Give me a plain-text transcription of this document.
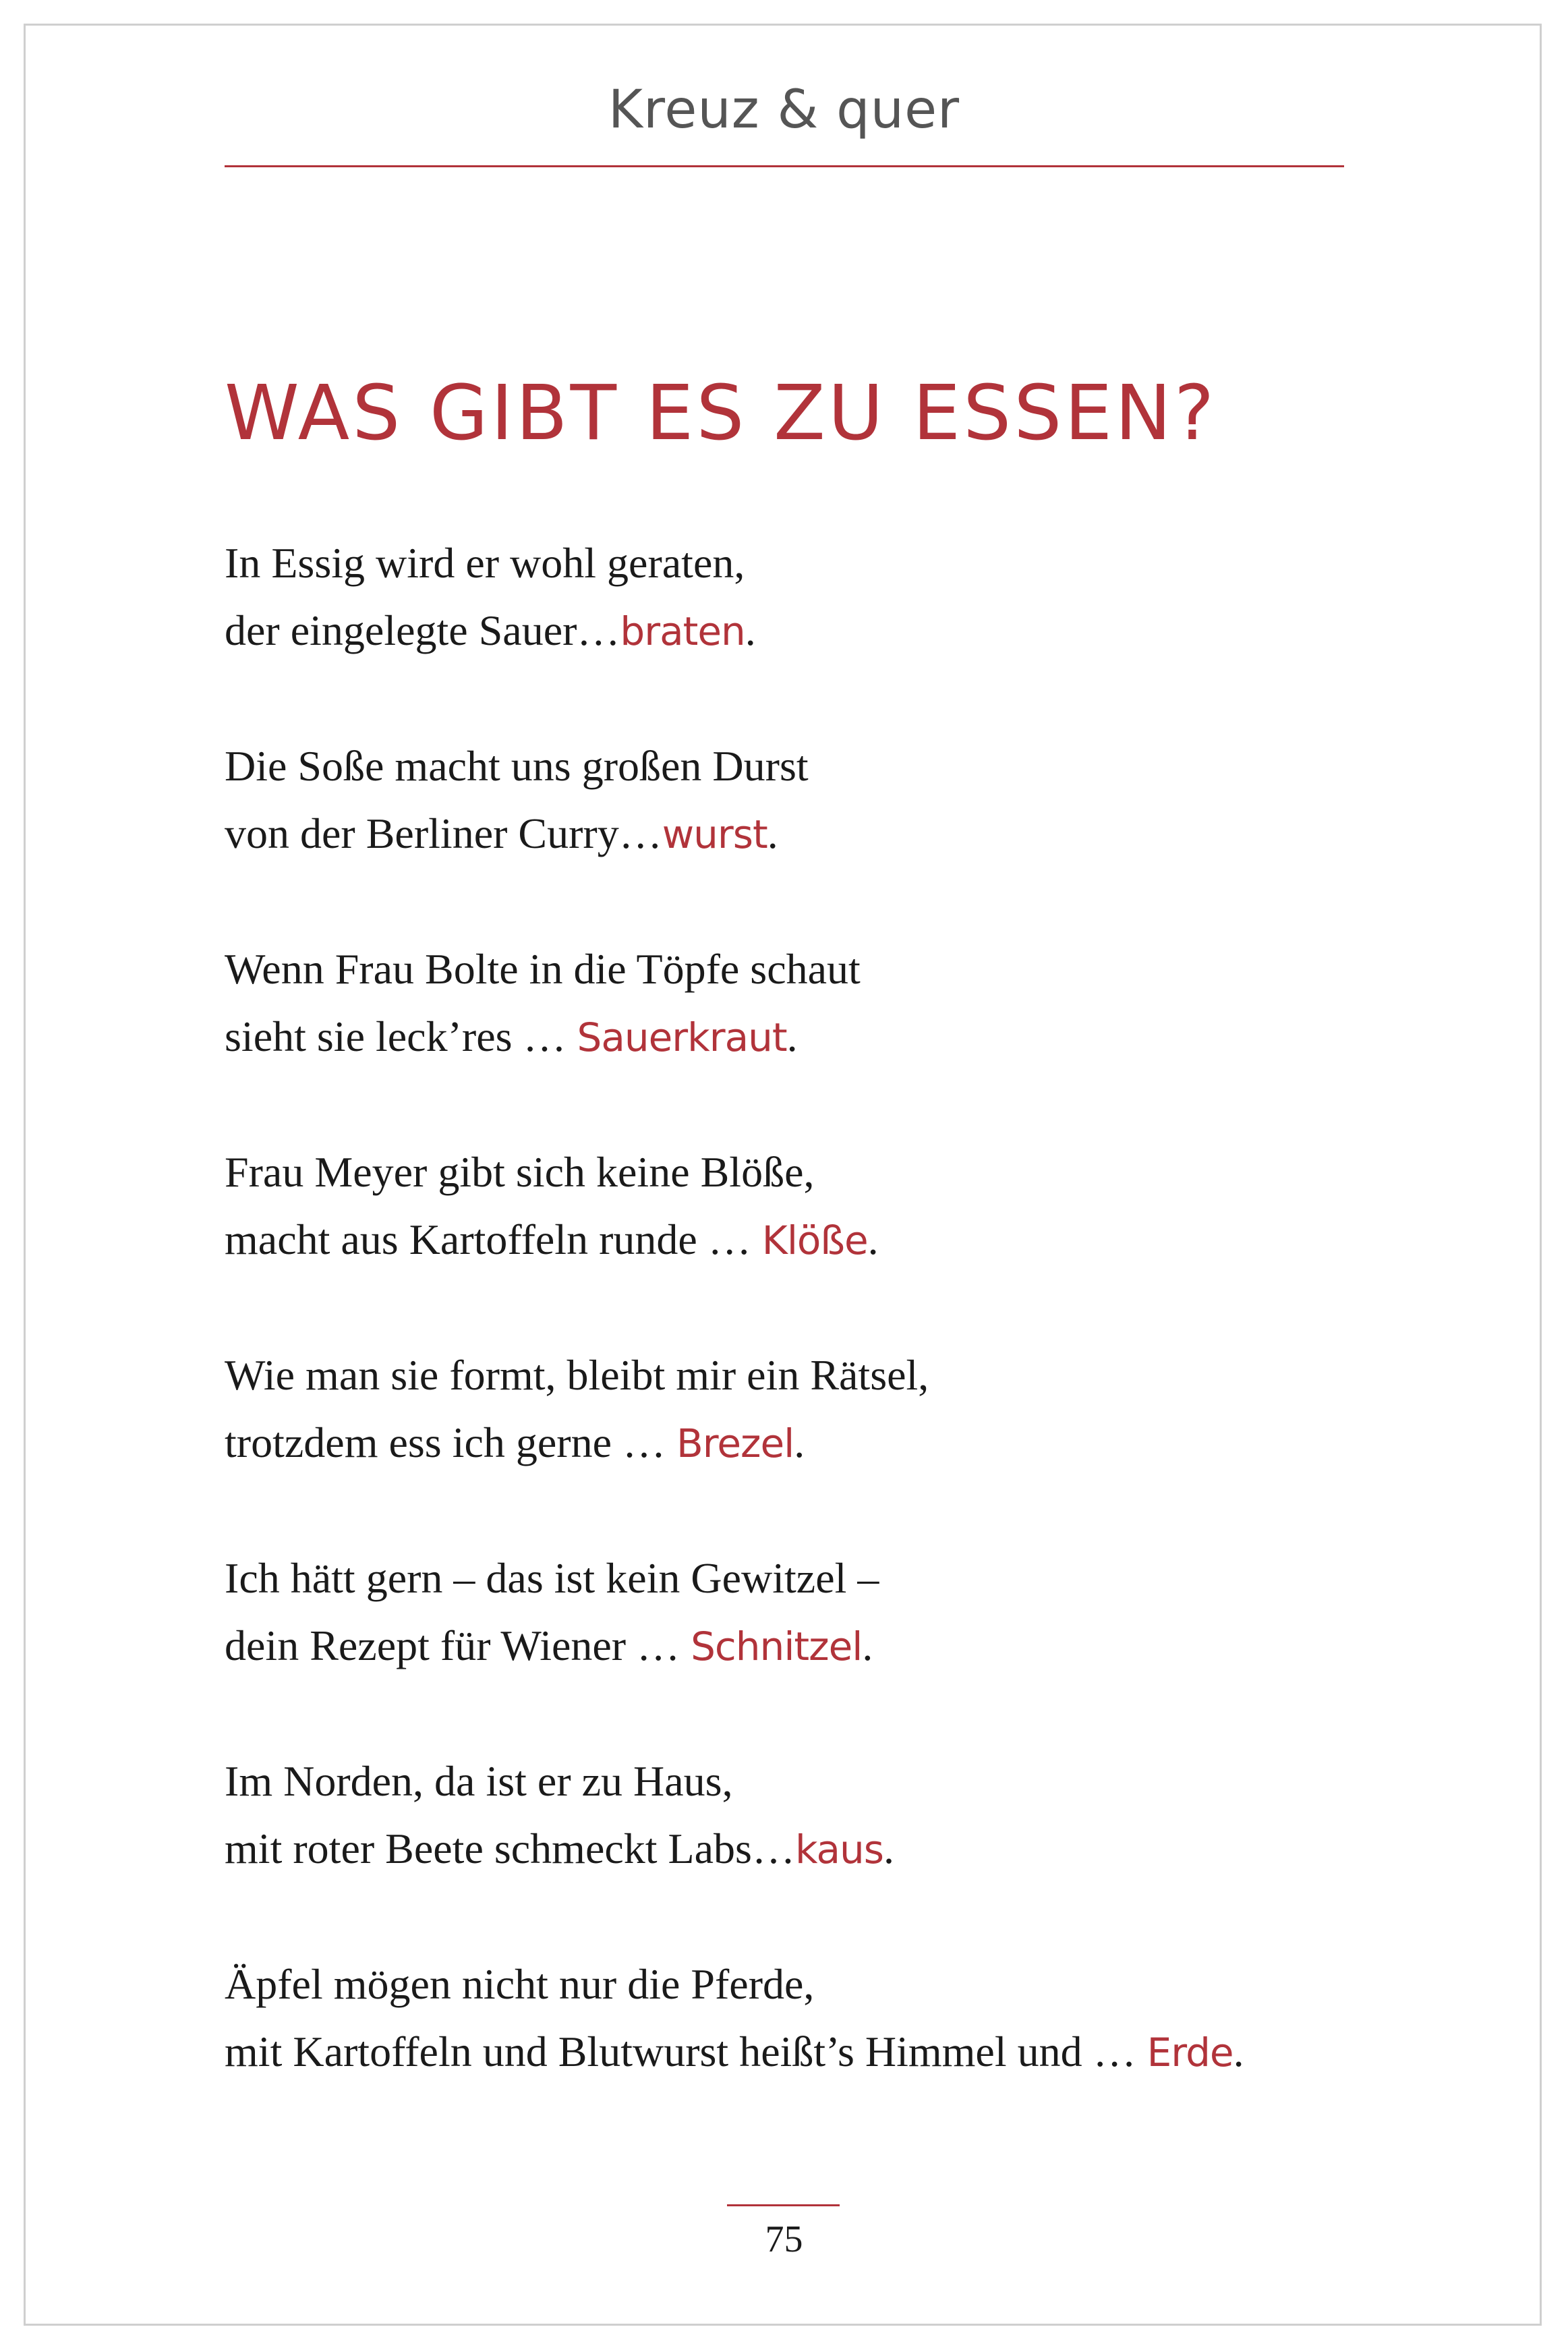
Kreuz & quer
WAS GIBT ES ZU ESSEN?
In Essig wird er wohl geraten,
der eingelegte Sauer…braten.
Die Soße macht uns großen Durst
von der Berliner Curry…wurst.
Wenn Frau Bolte in die Töpfe schaut
sieht sie leck’res … Sauerkraut.
Frau Meyer gibt sich keine Blöße,
macht aus Kartoffeln runde … Klöße.
Wie man sie formt, bleibt mir ein Rätsel,
trotzdem ess ich gerne … Brezel.
Ich hätt gern – das ist kein Gewitzel –
dein Rezept für Wiener … Schnitzel.
Im Norden, da ist er zu Haus,
mit roter Beete schmeckt Labs…kaus.
Äpfel mögen nicht nur die Pferde,
mit Kartoffeln und Blutwurst heißt’s Himmel und … Erde.
75
